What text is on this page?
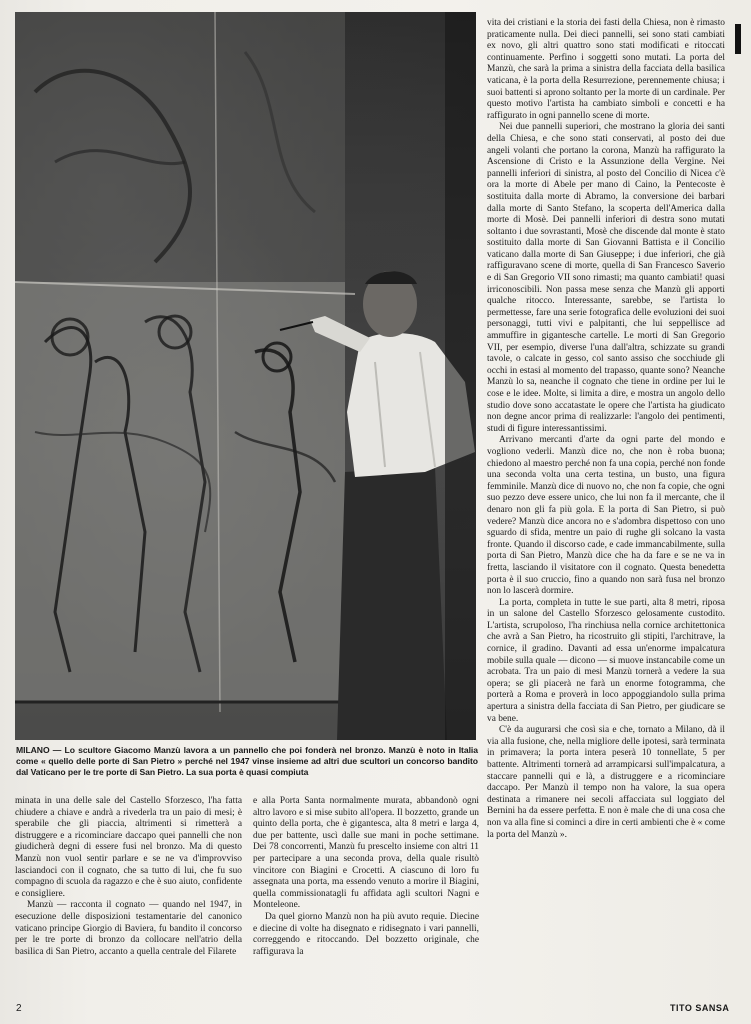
MILANO — Lo scultore Giacomo Manzù lavora a un pannello che poi fonderà nel bronzo. Manzù è noto in Italia come « quello delle porte di San Pietro » perché nel 1947 vinse insieme ad altri due scultori un concorso bandito dal Vaticano per le tre porte di San Pietro. La sua porta è quasi compiuta

vita dei cristiani e la storia dei fasti della Chiesa, non è rimasto praticamente nulla. Dei dieci pannelli, sei sono stati cambiati ex novo, gli altri quattro sono stati modificati e ritoccati continuamente. Perfino i soggetti sono mutati. La porta del Manzù, che sarà la prima a sinistra della facciata della basilica vaticana, è la porta della Resurrezione, perennemente chiusa; i suoi battenti si aprono soltanto per la morte di un cardinale. Per questo motivo l'artista ha cambiato simboli e concetti e ha raffigurato in ogni pannello scene di morte.

Nei due pannelli superiori, che mostrano la gloria dei santi della Chiesa, e che sono stati conservati, al posto dei due angeli volanti che portano la corona, Manzù ha raffigurato la Ascensione di Cristo e la Assunzione della Vergine. Nei pannelli inferiori di sinistra, al posto del Concilio di Nicea c'è ora la morte di Abele per mano di Caino, la Pentecoste è sostituita dalla morte di Abramo, la conversione dei barbari dalla morte di Santo Stefano, la scoperta dell'America dalla morte di Mosè. Dei pannelli inferiori di destra sono mutati soltanto i due sovrastanti, Mosè che discende dal monte è stato sostituito dalla morte di San Giovanni Battista e il Concilio vaticano dalla morte di San Giuseppe; i due inferiori, che già raffiguravano scene di morte, quella di San Francesco Saverio e di San Gregorio VII sono rimasti; ma quanto cambiati! quasi irriconoscibili. Non passa mese senza che Manzù gli apporti qualche ritocco. Interessante, sarebbe, se l'artista lo permettesse, fare una serie fotografica delle evoluzioni dei suoi personaggi, tutti vivi e palpitanti, che lui seppellisce ad ammuffire in gigantesche cartelle. Le morti di San Gregorio VII, per esempio, diverse l'una dall'altra, schizzate su grandi tavole, o calcate in gesso, col santo assiso che socchiude gli occhi in estasi al momento del trapasso, quante sono? Neanche Manzù lo sa, neanche il cognato che tiene in ordine per lui le cose e le idee. Molte, si limita a dire, e mostra un angolo dello studio dove sono accatastate le opere che l'artista ha giudicato non degne ancor prima di realizzarle: l'angolo dei pentimenti, studi di figure interessantissimi.

Arrivano mercanti d'arte da ogni parte del mondo e vogliono vederli. Manzù dice no, che non è roba buona; chiedono al maestro perché non fa una copia, perché non fonde una seconda volta una certa testina, un busto, una figura femminile. Manzù dice di nuovo no, che non fa copie, che ogni suo pezzo deve essere unico, che lui non fa il mercante, che il denaro non gli fa più gola. E la porta di San Pietro, si può vedere? Manzù dice ancora no e s'adombra dispettoso con uno sguardo di sfida, mentre un paio di rughe gli solcano la vasta fronte. Quando il discorso cade, e cade immancabilmente, sulla porta di San Pietro, Manzù dice che ha da fare e se ne va in fretta, lasciando il visitatore con il cognato. Questa benedetta porta è il suo cruccio, fino a quando non sarà fusa nel bronzo non lo lascerà dormire.

La porta, completa in tutte le sue parti, alta 8 metri, riposa in un salone del Castello Sforzesco gelosamente custodito. L'artista, scrupoloso, l'ha rinchiusa nella cornice architettonica che avrà a San Pietro, ha ricostruito gli stipiti, l'architrave, la cornice, il gradino. Davanti ad essa un'enorme impalcatura mobile sulla quale — dicono — si muove instancabile come un acrobata. Tra un paio di mesi Manzù tornerà a vedere la sua opera; se gli piacerà ne farà un enorme fotogramma, che porterà a Roma e proverà in loco appoggiandolo sulla prima apertura a sinistra della facciata di San Pietro, per giudicare se va bene.

C'è da augurarsi che così sia e che, tornato a Milano, dà il via alla fusione, che, nella migliore delle ipotesi, sarà terminata in primavera; la porta intera peserà 10 tonnellate, 5 per battente. Altrimenti tornerà ad arrampicarsi sull'impalcatura, a staccare pannelli qui e là, a distruggere e a ricominciare daccapo. Per Manzù il tempo non ha valore, la sua opera destinata a rimanere nei secoli affacciata sul loggiato del Bernini ha da essere perfetta. E non è male che di una cosa che non va alla fine si cominci a dire in certi ambienti che è « come la porta del Manzù ».

minata in una delle sale del Castello Sforzesco, l'ha fatta chiudere a chiave e andrà a rivederla tra un paio di mesi; è sperabile che gli piaccia, altrimenti si rimetterà a distruggere e a ricominciare daccapo quei pannelli che non giudicherà degni di essere fusi nel bronzo. Ma di questo Manzù non vuol sentir parlare e se ne va d'improvviso lasciandoci con il cognato, che sa tutto di lui, che fu suo compagno di scuola da ragazzo e che è suo aiuto, confidente e consigliere.

Manzù — racconta il cognato — quando nel 1947, in esecuzione delle disposizioni testamentarie del canonico vaticano principe Giorgio di Baviera, fu bandito il concorso per le tre porte di bronzo da collocare nell'atrio della basilica di San Pietro, accanto a quella centrale del Filarete

e alla Porta Santa normalmente murata, abbandonò ogni altro lavoro e si mise subito all'opera. Il bozzetto, grande un quinto della porta, che è gigantesca, alta 8 metri e larga 4, due per battente, uscì dalle sue mani in poche settimane. Dei 78 concorrenti, Manzù fu prescelto insieme con altri 11 per partecipare a una seconda prova, della quale risultò vincitore con Biagini e Crocetti. A ciascuno di loro fu assegnata una porta, ma essendo venuto a morire il Biagini, quella commissionatagli fu affidata agli scultori Nagni e Monteleone.

Da quel giorno Manzù non ha più avuto requie. Diecine e diecine di volte ha disegnato e ridisegnato i vari pannelli, correggendo e ritoccando. Del bozzetto originale, che raffigurava la

TITO SANSA
2
